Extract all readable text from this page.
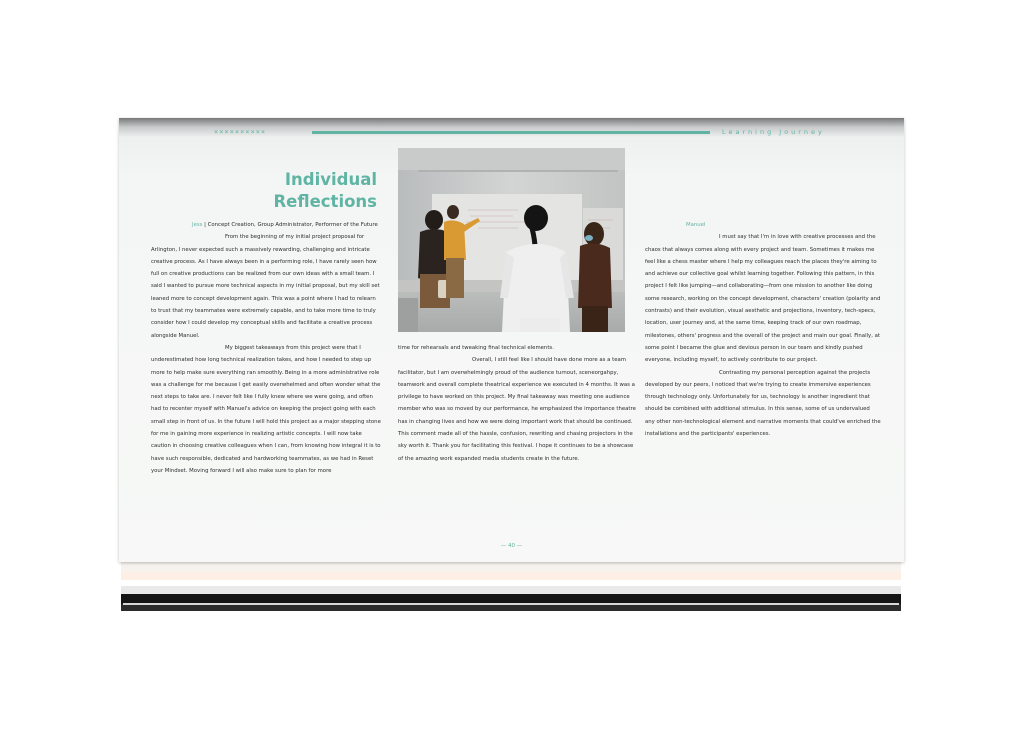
××××××××××	Learning Journey
Individual Reflections

Jess | Concept Creation, Group Administrator, Performer of the Future

From the beginning of my initial project proposal for Arlington, I never expected such a massively rewarding, challenging and intricate creative process. As I have always been in a performing role, I have rarely seen how full on creative productions can be realized from our own ideas with a small team. I said I wanted to pursue more technical aspects in my initial proposal, but my skill set leaned more to concept development again. This was a point where I had to relearn to trust that my teammates were extremely capable, and to take more time to truly consider how I could develop my conceptual skills and facilitate a creative process alongside Manuel.

My biggest takeaways from this project were that I underestimated how long technical realization takes, and how I needed to step up more to help make sure everything ran smoothly. Being in a more administrative role was a challenge for me because I get easily overwhelmed and often wonder what the next steps to take are. I never felt like I fully knew where we were going, and often had to recenter myself with Manuel's advice on keeping the project going with each small step in front of us. In the future I will hold this project as a major stepping stone for me in gaining more experience in realizing artistic concepts. I will now take caution in choosing creative colleagues when I can, from knowing how integral it is to have such responsible, dedicated and hardworking teammates, as we had in Reset your Mindset. Moving forward I will also make sure to plan for more

time for rehearsals and tweaking final technical elements.

Overall, I still feel like I should have done more as a team facilitator, but I am overwhelmingly proud of the audience turnout, sceneorgahpy, teamwork and overall complete theatrical experience we executed in 4 months. It was a privilege to have worked on this project. My final takeaway was meeting one audience member who was so moved by our performance, he emphasized the importance theatre has in changing lives and how we were doing important work that should be continued. This comment made all of the hassle, confusion, rewriting and chasing projectors in the sky worth it. Thank you for facilitating this festival. I hope it continues to be a showcase of the amazing work expanded media students create in the future.

Manuel

I must say that I'm in love with creative processes and the chaos that always comes along with every project and team. Sometimes it makes me feel like a chess master where I help my colleagues reach the places they're aiming to and achieve our collective goal whilst learning together. Following this pattern, in this project I felt like jumping—and collaborating—from one mission to another like doing some research, working on the concept development, characters' creation (polarity and contrasts) and their evolution, visual aesthetic and projections, inventory, tech-specs, location, user journey and, at the same time, keeping track of our own roadmap, milestones, others' progress and the overall of the project and main our goal. Finally, at some point I became the glue and devious person in our team and kindly pushed everyone, including myself, to actively contribute to our project.

Contrasting my personal perception against the projects developed by our peers, I noticed that we're trying to create immersive experiences through technology only. Unfortunately for us, technology is another ingredient that should be combined with additional stimulus. In this sense, some of us undervalued any other non-technological element and narrative moments that could've enriched the installations and the participants' experiences.

— 40 —
